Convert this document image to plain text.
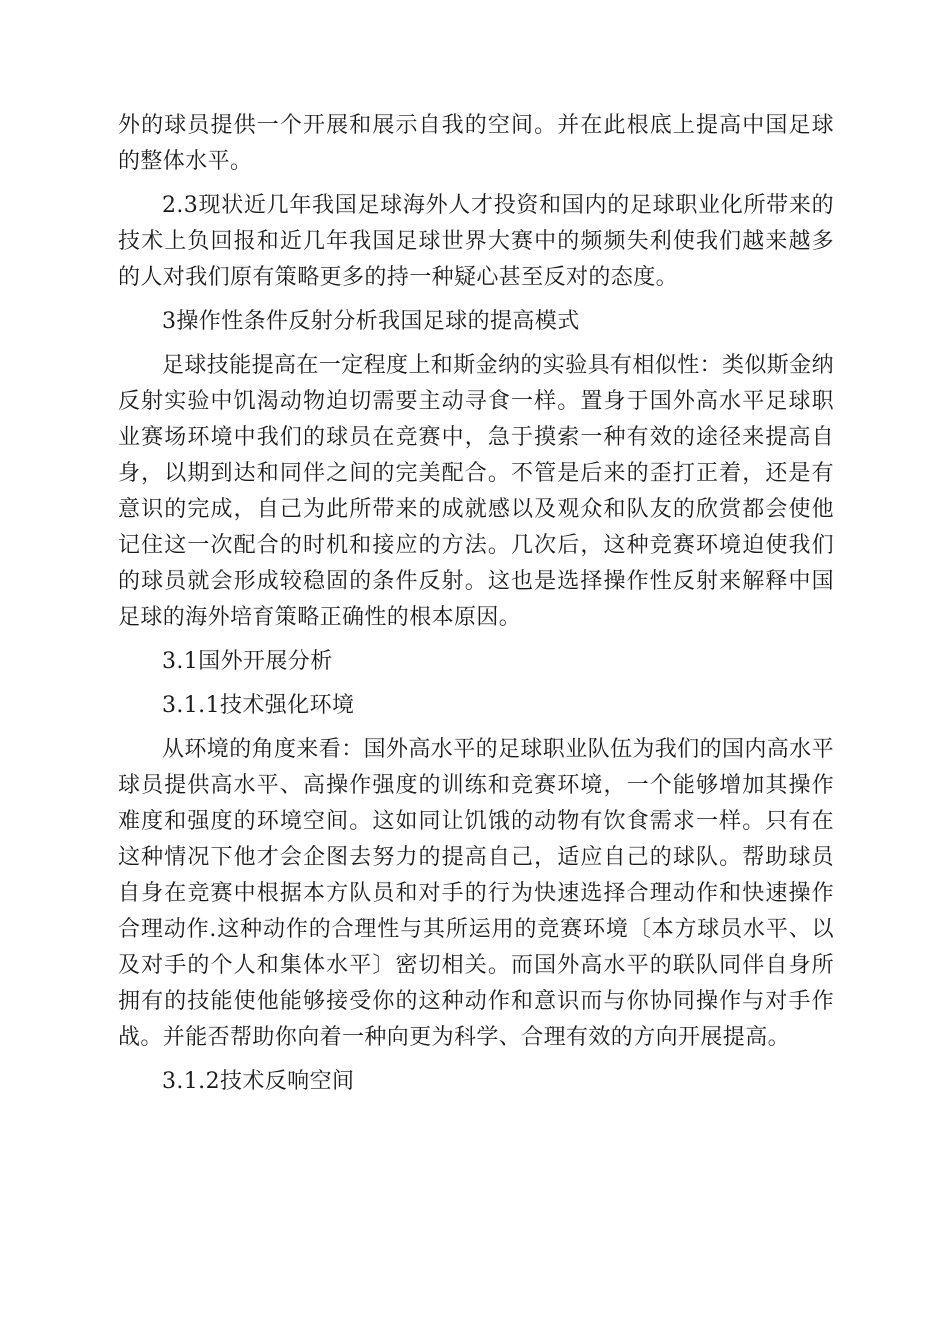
外的球员提供一个开展和展示自我的空间。并在此根底上提高中国足球的整体水平。

2.3现状近几年我国足球海外人才投资和国内的足球职业化所带来的技术上负回报和近几年我国足球世界大赛中的频频失利使我们越来越多的人对我们原有策略更多的持一种疑心甚至反对的态度。

3操作性条件反射分析我国足球的提高模式

足球技能提高在一定程度上和斯金纳的实验具有相似性：类似斯金纳反射实验中饥渴动物迫切需要主动寻食一样。置身于国外高水平足球职业赛场环境中我们的球员在竞赛中，急于摸索一种有效的途径来提高自身，以期到达和同伴之间的完美配合。不管是后来的歪打正着，还是有意识的完成，自己为此所带来的成就感以及观众和队友的欣赏都会使他记住这一次配合的时机和接应的方法。几次后，这种竞赛环境迫使我们的球员就会形成较稳固的条件反射。这也是选择操作性反射来解释中国足球的海外培育策略正确性的根本原因。

3.1国外开展分析

3.1.1技术强化环境

从环境的角度来看：国外高水平的足球职业队伍为我们的国内高水平球员提供高水平、高操作强度的训练和竞赛环境，一个能够增加其操作难度和强度的环境空间。这如同让饥饿的动物有饮食需求一样。只有在这种情况下他才会企图去努力的提高自己，适应自己的球队。帮助球员自身在竞赛中根据本方队员和对手的行为快速选择合理动作和快速操作合理动作.这种动作的合理性与其所运用的竞赛环境〔本方球员水平、以及对手的个人和集体水平〕密切相关。而国外高水平的联队同伴自身所拥有的技能使他能够接受你的这种动作和意识而与你协同操作与对手作战。并能否帮助你向着一种向更为科学、合理有效的方向开展提高。

3.1.2技术反响空间
